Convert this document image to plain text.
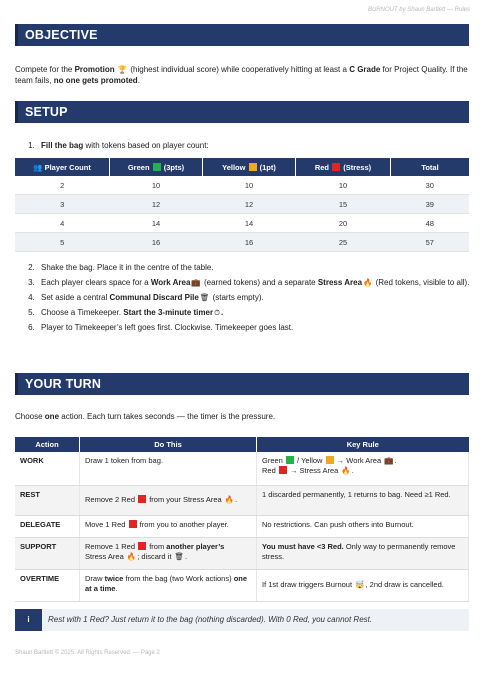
BURNOUT by Shaun Bartlett — Rules
OBJECTIVE
Compete for the Promotion 🏆 (highest individual score) while cooperatively hitting at least a C Grade for Project Quality. If the team fails, no one gets promoted.
SETUP
1. Fill the bag with tokens based on player count:
👥 Player Count	Green (3pts)	Yellow (1pt)	Red (Stress)	Total
2	10	10	10	30
3	12	12	15	39
4	14	14	20	48
5	16	16	25	57
2. Shake the bag. Place it in the centre of the table.
3. Each player clears space for a Work Area💼 (earned tokens) and a separate Stress Area🔥 (Red tokens, visible to all).
4. Set aside a central Communal Discard Pile🗑 (starts empty).
5. Choose a Timekeeper. Start the 3-minute timer⏱.
6. Player to Timekeeper’s left goes first. Clockwise. Timekeeper goes last.
YOUR TURN
Choose one action. Each turn takes seconds — the timer is the pressure.
Action	Do This	Key Rule
WORK	Draw 1 token from bag.	Green  / Yellow  → Work Area 💼.
Red  → Stress Area 🔥.
REST	Remove 2 Red  from your Stress Area 🔥.	1 discarded permanently, 1 returns to bag. Need ≥1 Red.
DELEGATE	Move 1 Red  from you to another player.	No restrictions. Can push others into Burnout.
SUPPORT	Remove 1 Red  from another player’s
Stress Area 🔥; discard it 🗑.	You must have <3 Red. Only way to permanently remove stress.
OVERTIME	Draw twice from the bag (two Work actions) one at a time.	If 1st draw triggers Burnout 🤯, 2nd draw is cancelled.
i	Rest with 1 Red? Just return it to the bag (nothing discarded). With 0 Red, you cannot Rest.
Shaun Bartlett © 2025. All Rights Reserved. — Page 2
